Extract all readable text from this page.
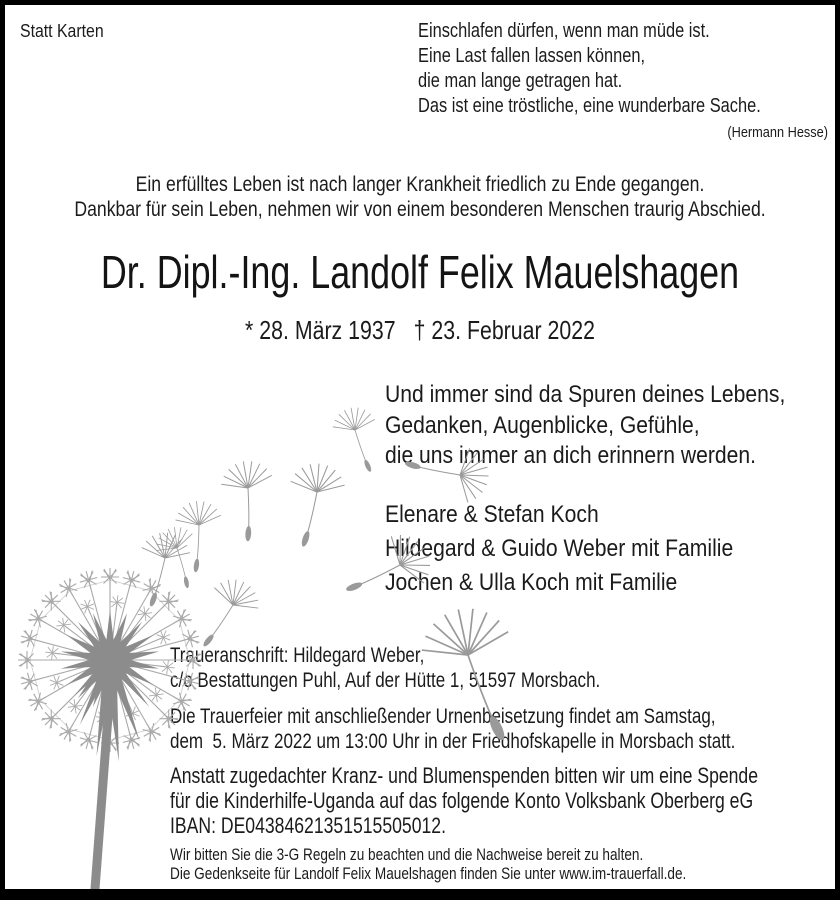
Statt Karten	Einschlafen dürfen, wenn man müde ist.
Eine Last fallen lassen können,
die man lange getragen hat.
Das ist eine tröstliche, eine wunderbare Sache.
(Hermann Hesse)
Ein erfülltes Leben ist nach langer Krankheit friedlich zu Ende gegangen.
Dankbar für sein Leben, nehmen wir von einem besonderen Menschen traurig Abschied.
Dr. Dipl.-Ing. Landolf Felix Mauelshagen
* 28. März 1937 † 23. Februar 2022
Und immer sind da Spuren deines Lebens,
Gedanken, Augenblicke, Gefühle,
die uns immer an dich erinnern werden.
Elenare & Stefan Koch
Hildegard & Guido Weber mit Familie
Jochen & Ulla Koch mit Familie
Traueranschrift: Hildegard Weber,
c/o Bestattungen Puhl, Auf der Hütte 1, 51597 Morsbach.
Die Trauerfeier mit anschließender Urnenbeisetzung findet am Samstag,
dem  5. März 2022 um 13:00 Uhr in der Friedhofskapelle in Morsbach statt.
Anstatt zugedachter Kranz- und Blumenspenden bitten wir um eine Spende
für die Kinderhilfe-Uganda auf das folgende Konto Volksbank Oberberg eG
IBAN: DE04384621351515505012.
Wir bitten Sie die 3-G Regeln zu beachten und die Nachweise bereit zu halten.
Die Gedenkseite für Landolf Felix Mauelshagen finden Sie unter www.im-trauerfall.de.
